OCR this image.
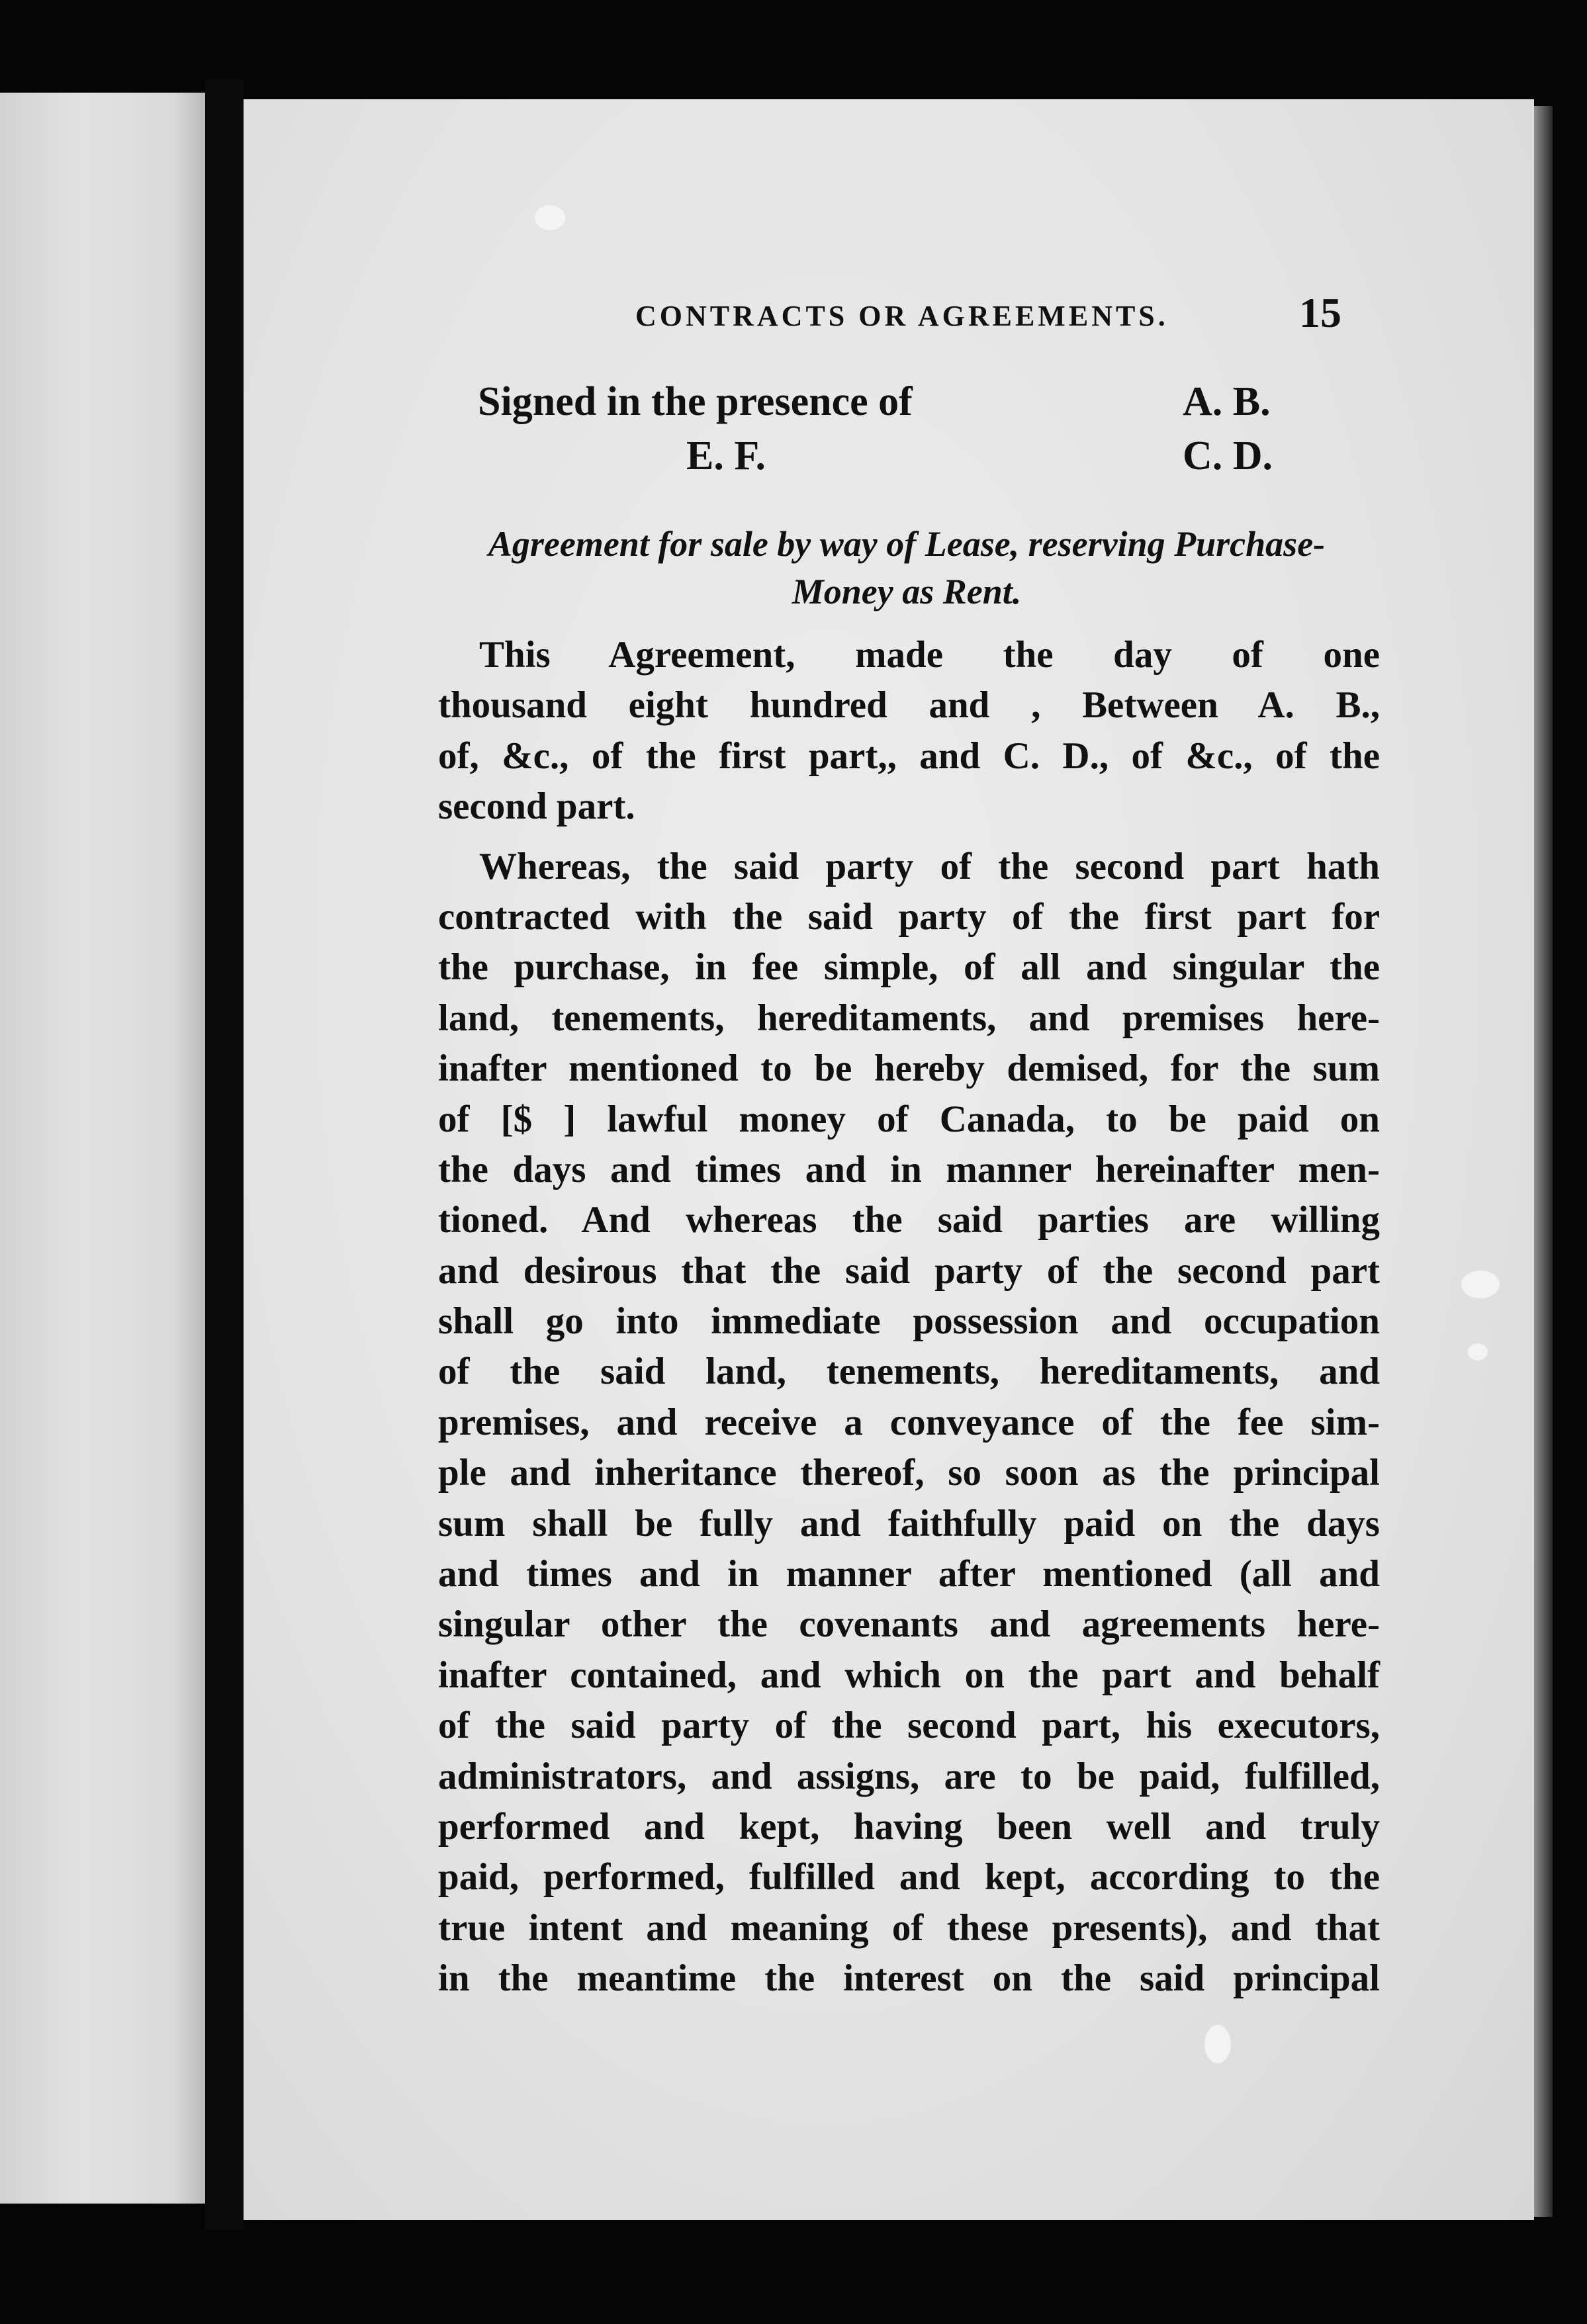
CONTRACTS OR AGREEMENTS.	15
Signed in the presence of	A. B.
E. F.	C. D.
Agreement for sale by way of Lease, reserving Purchase-
Money as Rent.
This Agreement, made the day of one
thousand eight hundred and , Between A. B.,
of, &c., of the first part,, and C. D., of &c., of the
second part.
Whereas, the said party of the second part hath
contracted with the said party of the first part for
the purchase, in fee simple, of all and singular the
land, tenements, hereditaments, and premises here-
inafter mentioned to be hereby demised, for the sum
of [$ ] lawful money of Canada, to be paid on
the days and times and in manner hereinafter men-
tioned. And whereas the said parties are willing
and desirous that the said party of the second part
shall go into immediate possession and occupation
of the said land, tenements, hereditaments, and
premises, and receive a conveyance of the fee sim-
ple and inheritance thereof, so soon as the principal
sum shall be fully and faithfully paid on the days
and times and in manner after mentioned (all and
singular other the covenants and agreements here-
inafter contained, and which on the part and behalf
of the said party of the second part, his executors,
administrators, and assigns, are to be paid, fulfilled,
performed and kept, having been well and truly
paid, performed, fulfilled and kept, according to the
true intent and meaning of these presents), and that
in the meantime the interest on the said principal
